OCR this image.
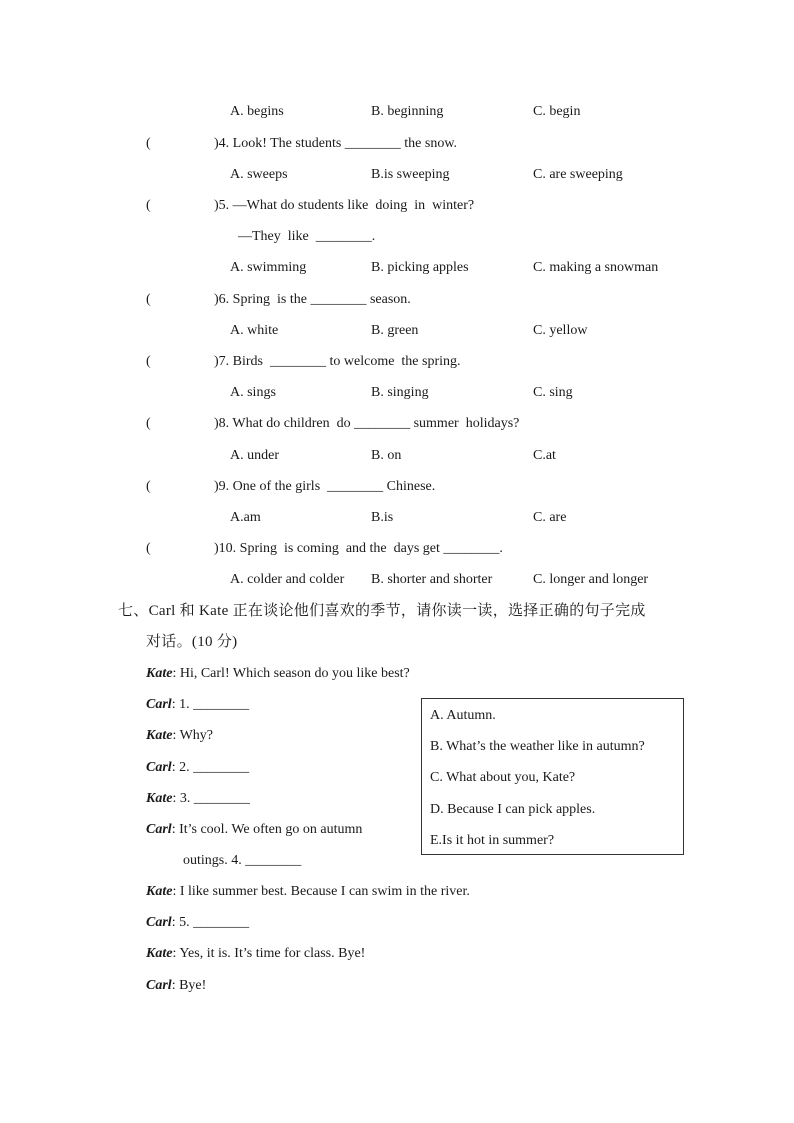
A. begins	B. beginning	C. begin
(	)4. Look! The students ________ the snow.
A. sweeps	B.is sweeping	C. are sweeping
(	)5. —What do students like  doing  in  winter?
—They  like  ________.
A. swimming	B. picking apples	C. making a snowman
(	)6. Spring  is the ________ season.
A. white	B. green	C. yellow
(	)7. Birds  ________ to welcome  the spring.
A. sings	B. singing	C. sing
(	)8. What do children  do ________ summer  holidays?
A. under	B. on	C.at
(	)9. One of the girls  ________ Chinese.
A.am	B.is	C. are
(	)10. Spring  is coming  and the  days get ________.
A. colder and colder B. shorter and shorter	C. longer and longer
七、Carl 和 Kate 正在谈论他们喜欢的季节，请你读一读，选择正确的句子完成
对话。(10 分)
Kate: Hi, Carl! Which season do you like best?
Carl: 1. ________
Kate: Why?
Carl: 2. ________
Kate: 3. ________
Carl: It’s cool. We often go on autumn
outings. 4. ________
Kate: I like summer best. Because I can swim in the river.
Carl: 5. ________
Kate: Yes, it is. It’s time for class. Bye!
Carl: Bye!
A. Autumn.
B. What’s the weather like in autumn?
C. What about you, Kate?
D. Because I can pick apples.
E.Is it hot in summer?
